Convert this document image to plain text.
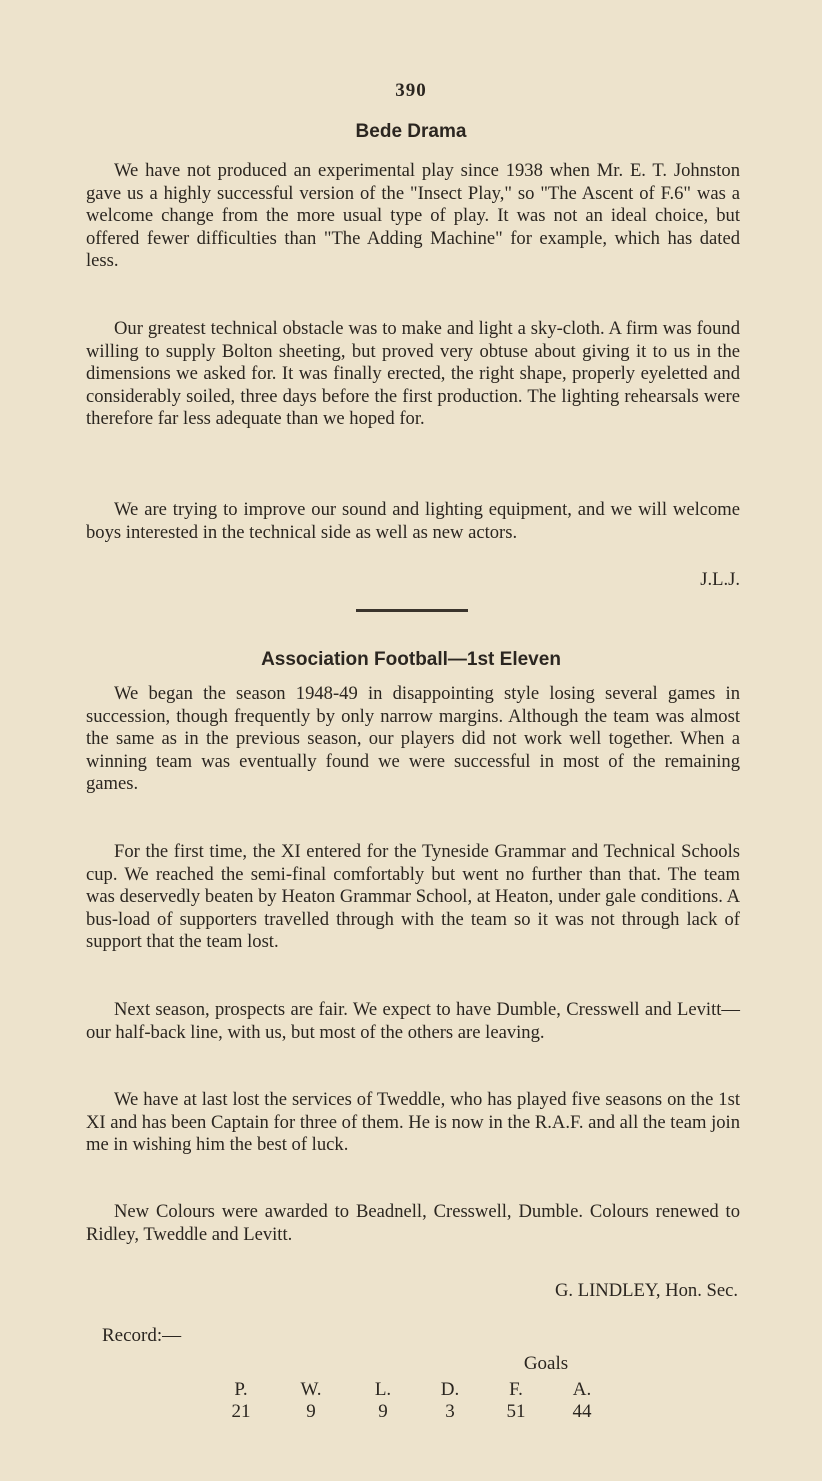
390
Bede Drama

We have not produced an experimental play since 1938 when Mr. E. T. Johnston gave us a highly successful version of the "Insect Play," so "The Ascent of F.6" was a welcome change from the more usual type of play. It was not an ideal choice, but offered fewer difficulties than "The Adding Machine" for example, which has dated less.

Our greatest technical obstacle was to make and light a sky-cloth. A firm was found willing to supply Bolton sheeting, but proved very obtuse about giving it to us in the dimensions we asked for. It was finally erected, the right shape, properly eyeletted and considerably soiled, three days before the first production. The lighting rehearsals were therefore far less adequate than we hoped for.

We are trying to improve our sound and lighting equipment, and we will welcome boys interested in the technical side as well as new actors.

J.L.J.
Association Football—1st Eleven

We began the season 1948-49 in disappointing style losing several games in succession, though frequently by only narrow margins. Although the team was almost the same as in the previous season, our players did not work well together. When a winning team was eventually found we were successful in most of the remaining games.

For the first time, the XI entered for the Tyneside Grammar and Technical Schools cup. We reached the semi-final comfortably but went no further than that. The team was deservedly beaten by Heaton Grammar School, at Heaton, under gale conditions. A bus-load of supporters travelled through with the team so it was not through lack of support that the team lost.

Next season, prospects are fair. We expect to have Dumble, Cresswell and Levitt—our half-back line, with us, but most of the others are leaving.

We have at last lost the services of Tweddle, who has played five seasons on the 1st XI and has been Captain for three of them. He is now in the R.A.F. and all the team join me in wishing him the best of luck.

New Colours were awarded to Beadnell, Cresswell, Dumble. Colours renewed to Ridley, Tweddle and Levitt.

G. LINDLEY, Hon. Sec.
Record:—
Goals
P.	W.	L.	D.	F.	A.
21	9	9	3	51	44
